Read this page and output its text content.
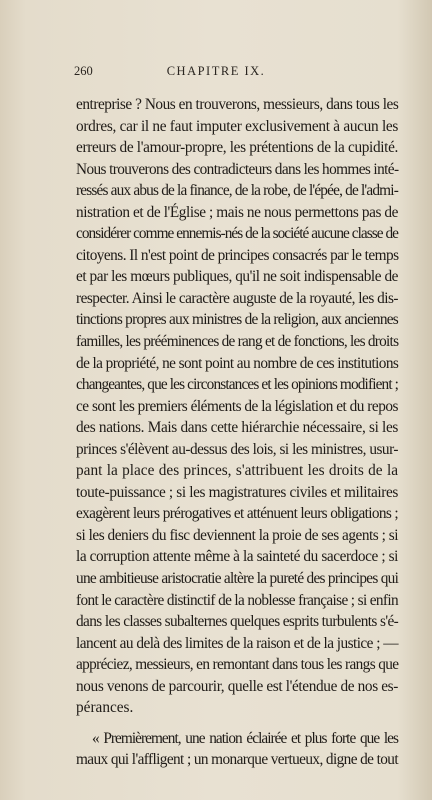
260	CHAPITRE IX.

entreprise ? Nous en trouverons, messieurs, dans tous les
ordres, car il ne faut imputer exclusivement à aucun les
erreurs de l'amour-propre, les prétentions de la cupidité.
Nous trouverons des contradicteurs dans les hommes inté-
ressés aux abus de la finance, de la robe, de l'épée, de l'admi-
nistration et de l'Église ; mais ne nous permettons pas de
considérer comme ennemis-nés de la société aucune classe de
citoyens. Il n'est point de principes consacrés par le temps
et par les mœurs publiques, qu'il ne soit indispensable de
respecter. Ainsi le caractère auguste de la royauté, les dis-
tinctions propres aux ministres de la religion, aux anciennes
familles, les prééminences de rang et de fonctions, les droits
de la propriété, ne sont point au nombre de ces institutions
changeantes, que les circonstances et les opinions modifient ;
ce sont les premiers éléments de la législation et du repos
des nations. Mais dans cette hiérarchie nécessaire, si les
princes s'élèvent au-dessus des lois, si les ministres, usur-
pant la place des princes, s'attribuent les droits de la
toute-puissance ; si les magistratures civiles et militaires
exagèrent leurs prérogatives et atténuent leurs obligations ;
si les deniers du fisc deviennent la proie de ses agents ; si
la corruption attente même à la sainteté du sacerdoce ; si
une ambitieuse aristocratie altère la pureté des principes qui
font le caractère distinctif de la noblesse française ; si enfin
dans les classes subalternes quelques esprits turbulents s'é-
lancent au delà des limites de la raison et de la justice ; —
appréciez, messieurs, en remontant dans tous les rangs que
nous venons de parcourir, quelle est l'étendue de nos es-
pérances.

« Premièrement, une nation éclairée et plus forte que les
maux qui l'affligent ; un monarque vertueux, digne de tout
